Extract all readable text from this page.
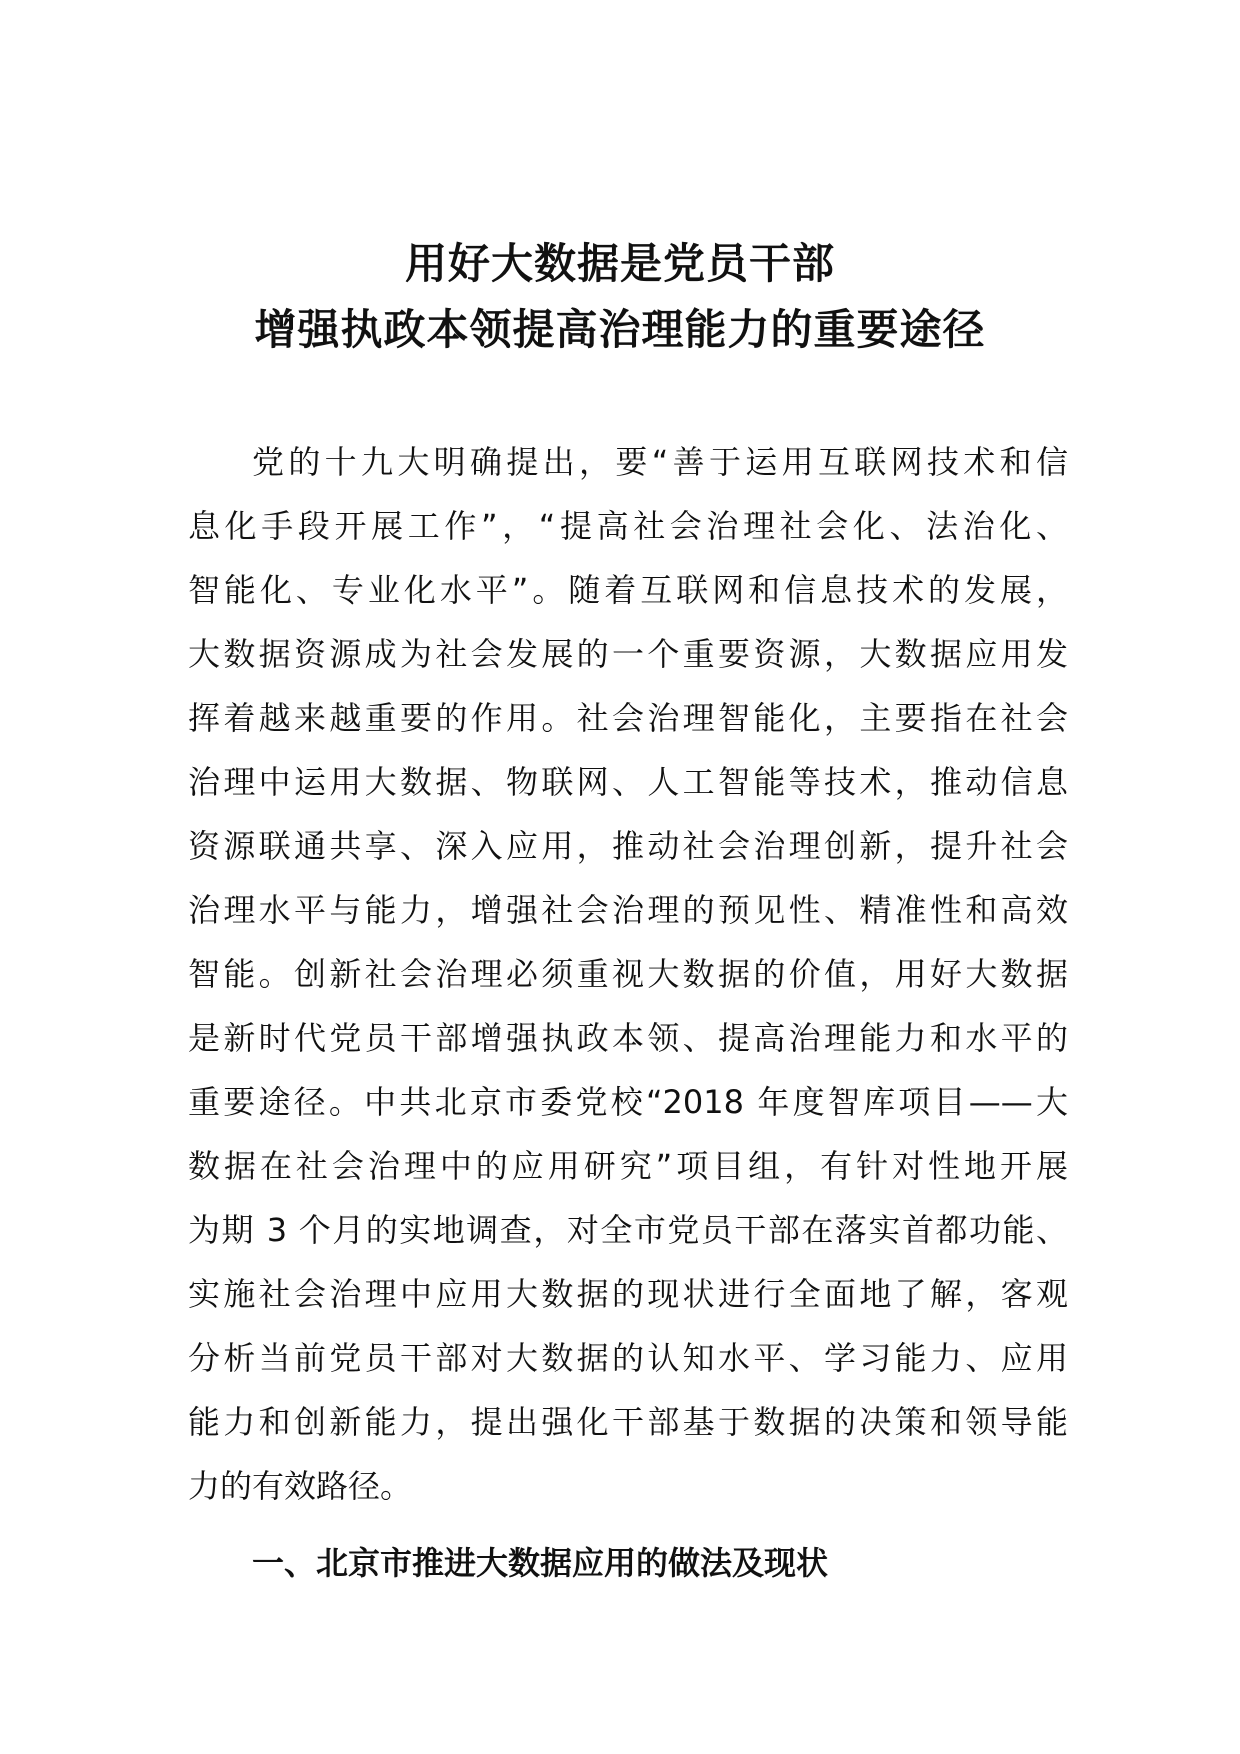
用好大数据是党员干部
增强执政本领提高治理能力的重要途径
党的十九大明确提出，要“善于运用互联网技术和信
息化手段开展工作”，“提高社会治理社会化、法治化、
智能化、专业化水平”。随着互联网和信息技术的发展，
大数据资源成为社会发展的一个重要资源，大数据应用发
挥着越来越重要的作用。社会治理智能化，主要指在社会
治理中运用大数据、物联网、人工智能等技术，推动信息
资源联通共享、深入应用，推动社会治理创新，提升社会
治理水平与能力，增强社会治理的预见性、精准性和高效
智能。创新社会治理必须重视大数据的价值，用好大数据
是新时代党员干部增强执政本领、提高治理能力和水平的
重要途径。中共北京市委党校“2018 年度智库项目——大
数据在社会治理中的应用研究”项目组，有针对性地开展
为期 3 个月的实地调查，对全市党员干部在落实首都功能、
实施社会治理中应用大数据的现状进行全面地了解，客观
分析当前党员干部对大数据的认知水平、学习能力、应用
能力和创新能力，提出强化干部基于数据的决策和领导能
力的有效路径。
一、北京市推进大数据应用的做法及现状
